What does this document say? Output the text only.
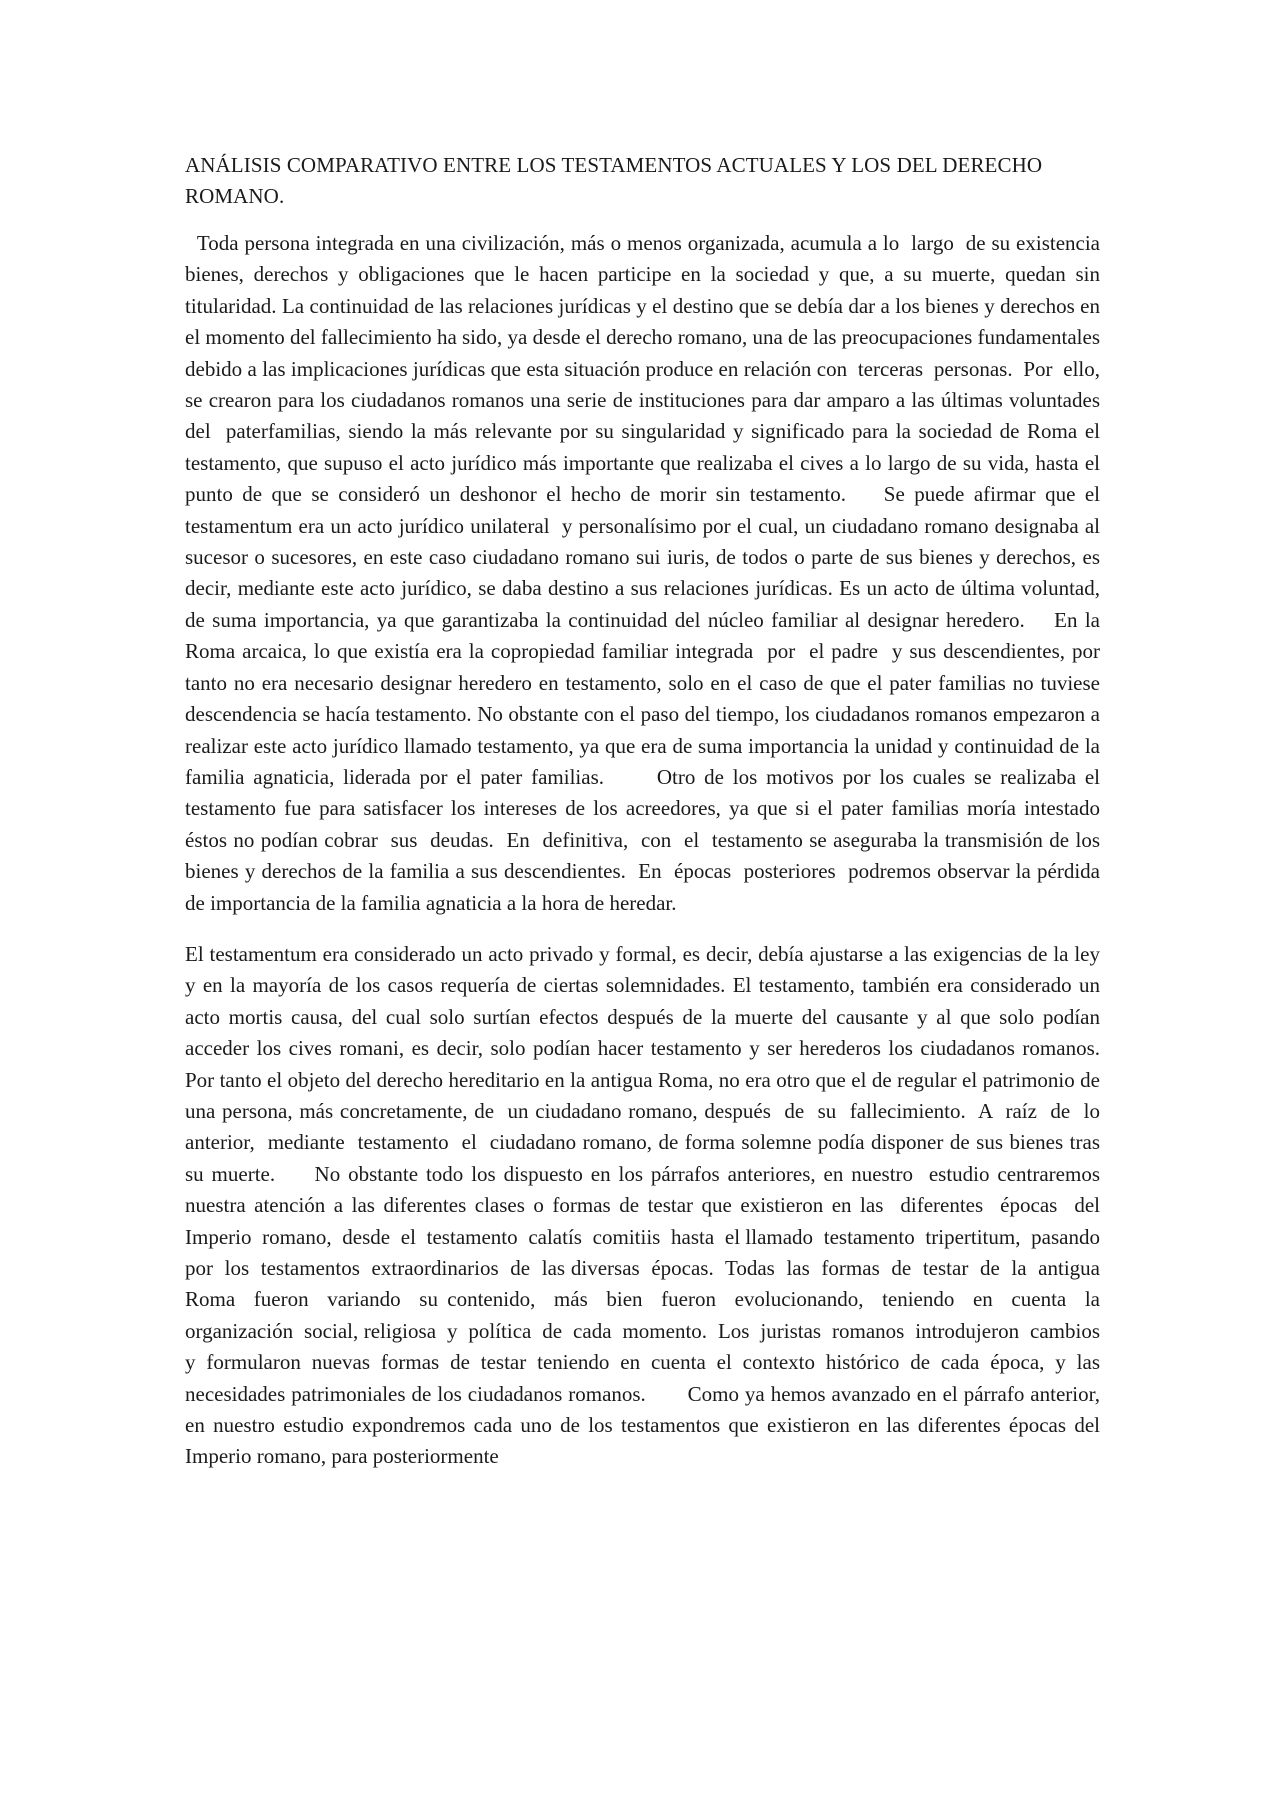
ANÁLISIS COMPARATIVO ENTRE LOS TESTAMENTOS ACTUALES Y LOS DEL DERECHO ROMANO.

Toda persona integrada en una civilización, más o menos organizada, acumula a lo  largo  de su existencia bienes, derechos y obligaciones que le hacen participe en la sociedad y que, a su muerte, quedan sin titularidad. La continuidad de las relaciones jurídicas y el destino que se debía dar a los bienes y derechos en el momento del fallecimiento ha sido, ya desde el derecho romano, una de las preocupaciones fundamentales debido a las implicaciones jurídicas que esta situación produce en relación con  terceras  personas.  Por  ello, se crearon para los ciudadanos romanos una serie de instituciones para dar amparo a las últimas voluntades del  paterfamilias, siendo la más relevante por su singularidad y significado para la sociedad de Roma el testamento, que supuso el acto jurídico más importante que realizaba el cives a lo largo de su vida, hasta el punto de que se consideró un deshonor el hecho de morir sin testamento.    Se puede afirmar que el testamentum era un acto jurídico unilateral  y personalísimo por el cual, un ciudadano romano designaba al sucesor o sucesores, en este caso ciudadano romano sui iuris, de todos o parte de sus bienes y derechos, es decir, mediante este acto jurídico, se daba destino a sus relaciones jurídicas. Es un acto de última voluntad, de suma importancia, ya que garantizaba la continuidad del núcleo familiar al designar heredero.    En la Roma arcaica, lo que existía era la copropiedad familiar integrada  por  el padre  y sus descendientes, por tanto no era necesario designar heredero en testamento, solo en el caso de que el pater familias no tuviese descendencia se hacía testamento. No obstante con el paso del tiempo, los ciudadanos romanos empezaron a realizar este acto jurídico llamado testamento, ya que era de suma importancia la unidad y continuidad de la familia agnaticia, liderada por el pater familias.      Otro de los motivos por los cuales se realizaba el testamento fue para satisfacer los intereses de los acreedores, ya que si el pater familias moría intestado éstos no podían cobrar  sus  deudas.  En  definitiva,  con  el  testamento se aseguraba la transmisión de los bienes y derechos de la familia a sus descendientes.  En  épocas  posteriores  podremos observar la pérdida de importancia de la familia agnaticia a la hora de heredar.

El testamentum era considerado un acto privado y formal, es decir, debía ajustarse a las exigencias de la ley y en la mayoría de los casos requería de ciertas solemnidades. El testamento, también era considerado un acto mortis causa, del cual solo surtían efectos después de la muerte del causante y al que solo podían acceder los cives romani, es decir, solo podían hacer testamento y ser herederos los ciudadanos romanos.     Por tanto el objeto del derecho hereditario en la antigua Roma, no era otro que el de regular el patrimonio de una persona, más concretamente, de  un ciudadano romano, después  de  su  fallecimiento.  A  raíz  de  lo anterior,  mediante  testamento  el  ciudadano romano, de forma solemne podía disponer de sus bienes tras su muerte.     No obstante todo los dispuesto en los párrafos anteriores, en nuestro  estudio centraremos nuestra atención a las diferentes clases o formas de testar que existieron en las  diferentes  épocas  del  Imperio  romano,  desde  el  testamento  calatís  comitiis  hasta  el llamado  testamento  tripertitum,  pasando  por  los  testamentos  extraordinarios  de  las diversas  épocas.  Todas  las  formas  de  testar  de  la  antigua  Roma  fueron  variando  su contenido,  más  bien  fueron  evolucionando,  teniendo  en  cuenta  la  organización  social, religiosa  y  política  de  cada  momento.  Los  juristas  romanos  introdujeron  cambios  y formularon nuevas formas de testar teniendo en cuenta el contexto histórico de cada época, y las necesidades patrimoniales de los ciudadanos romanos.       Como ya hemos avanzado en el párrafo anterior, en nuestro estudio expondremos cada uno de los testamentos que existieron en las diferentes épocas del Imperio romano, para posteriormente
